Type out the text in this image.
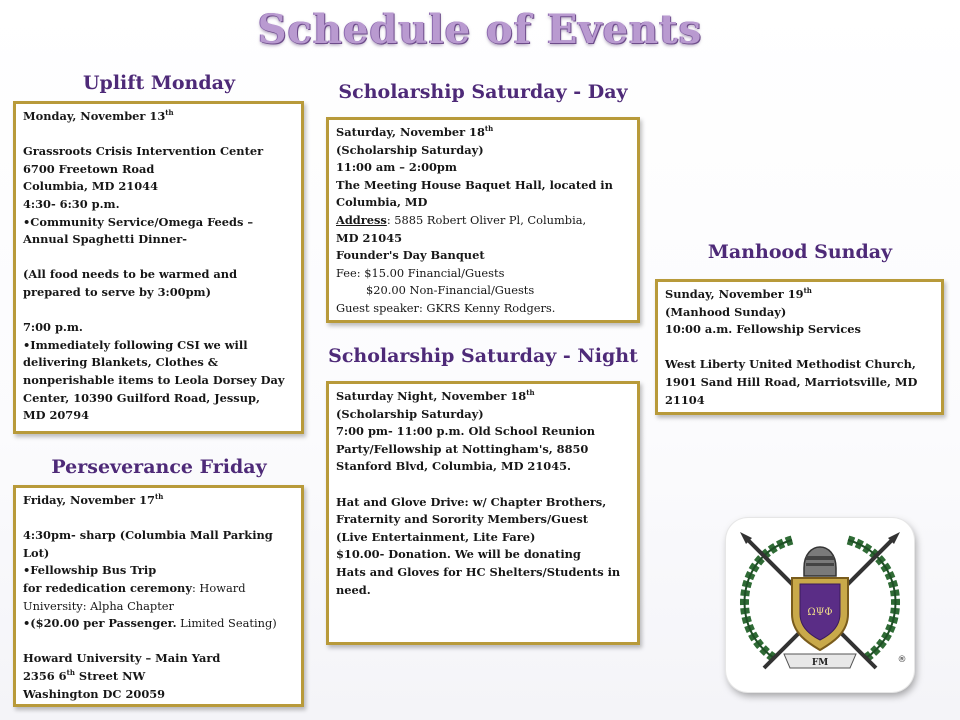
Schedule of Events
Uplift Monday
Monday, November 13th
Grassroots Crisis Intervention Center
6700 Freetown Road
Columbia, MD 21044
4:30- 6:30 p.m.
•Community Service/Omega Feeds –
Annual Spaghetti Dinner-
(All food needs to be warmed and
prepared to serve by 3:00pm)
7:00 p.m.
•Immediately following CSI we will
delivering Blankets, Clothes &
nonperishable items to Leola Dorsey Day
Center, 10390 Guilford Road, Jessup,
MD 20794
Perseverance Friday
Friday, November 17th
4:30pm- sharp (Columbia Mall Parking
Lot)
•Fellowship Bus Trip
for rededication ceremony: Howard
University: Alpha Chapter
•($20.00 per Passenger. Limited Seating)
Howard University – Main Yard
2356 6th Street NW
Washington DC 20059
Scholarship Saturday - Day
Saturday, November 18th
(Scholarship Saturday)
11:00 am – 2:00pm
The Meeting House Baquet Hall, located in
Columbia, MD
Address: 5885 Robert Oliver Pl, Columbia,
MD 21045
Founder's Day Banquet
Fee: $15.00 Financial/Guests
$20.00 Non-Financial/Guests
Guest speaker: GKRS Kenny Rodgers.
Scholarship Saturday - Night
Saturday Night, November 18th
(Scholarship Saturday)
7:00 pm- 11:00 p.m. Old School Reunion
Party/Fellowship at Nottingham's, 8850
Stanford Blvd, Columbia, MD 21045.
Hat and Glove Drive: w/ Chapter Brothers,
Fraternity and Sorority Members/Guest
(Live Entertainment, Lite Fare)
$10.00- Donation. We will be donating
Hats and Gloves for HC Shelters/Students in
need.
Manhood Sunday
Sunday, November 19th
(Manhood Sunday)
10:00 a.m. Fellowship Services
West Liberty United Methodist Church,
1901 Sand Hill Road, Marriotsville, MD
21104
FM
ΩΨΦ
®
